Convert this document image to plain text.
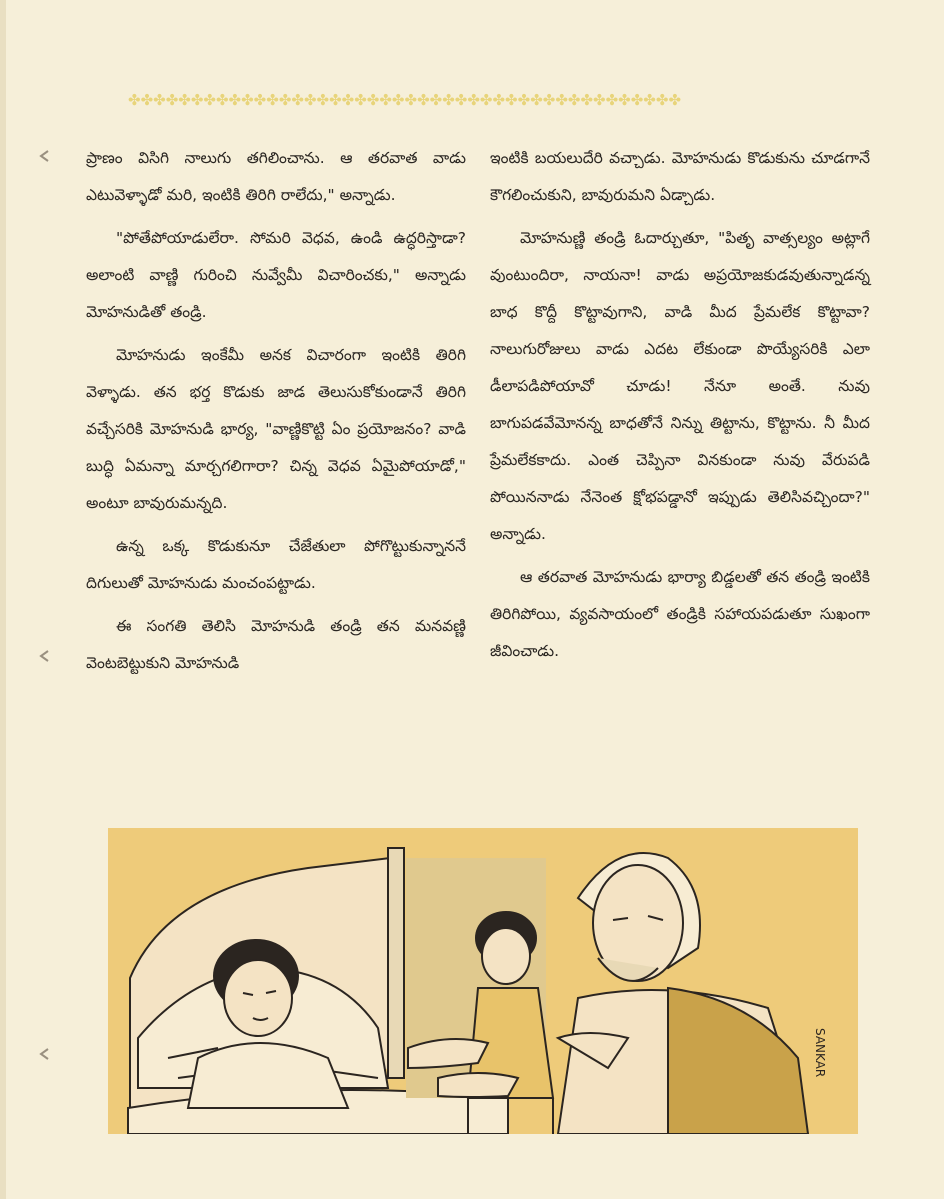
✤✤✤✤✤✤✤✤✤✤✤✤✤✤✤✤✤✤✤✤✤✤✤✤✤✤✤✤✤✤✤✤✤✤✤✤✤✤✤✤✤✤✤✤

ప్రాణం విసిగి నాలుగు తగిలించాను. ఆ తరవాత వాడు ఎటువెళ్ళాడో మరి, ఇంటికి తిరిగి రాలేదు," అన్నాడు.

"పోతేపోయాడులేరా. సోమరి వెధవ, ఉండి ఉద్ధరిస్తాడా? అలాంటి వాణ్ణి గురించి నువ్వేమీ విచారించకు," అన్నాడు మోహనుడితో తండ్రి.

మోహనుడు ఇంకేమీ అనక విచారంగా ఇంటికి తిరిగి వెళ్ళాడు. తన భర్త కొడుకు జాడ తెలుసుకోకుండానే తిరిగి వచ్చేసరికి మోహనుడి భార్య, "వాణ్ణికొట్టి ఏం ప్రయోజనం? వాడి బుద్ధి ఏమన్నా మార్చగలిగారా? చిన్న వెధవ ఏమైపోయాడో," అంటూ బావురుమన్నది.

ఉన్న ఒక్క కొడుకునూ చేజేతులా పోగొట్టుకున్నాననే దిగులుతో మోహనుడు మంచంపట్టాడు.

ఈ సంగతి తెలిసి మోహనుడి తండ్రి తన మనవణ్ణి వెంటబెట్టుకుని మోహనుడి

ఇంటికి బయలుదేరి వచ్చాడు. మోహనుడు కొడుకును చూడగానే కౌగలించుకుని, బావురుమని ఏడ్చాడు.

మోహనుణ్ణి తండ్రి ఓదార్చుతూ, "పితృ వాత్సల్యం అట్లాగే వుంటుందిరా, నాయనా! వాడు అప్రయోజకుడవుతున్నాడన్న బాధ కొద్దీ కొట్టావుగాని, వాడి మీద ప్రేమలేక కొట్టావా? నాలుగురోజులు వాడు ఎదట లేకుండా పొయ్యేసరికి ఎలా డీలాపడిపోయావో చూడు! నేనూ అంతే. నువు బాగుపడవేమోనన్న బాధతోనే నిన్ను తిట్టాను, కొట్టాను. నీ మీద ప్రేమలేకకాదు. ఎంత చెప్పినా వినకుండా నువు వేరుపడి పోయిననాడు నేనెంత క్షోభపడ్డానో ఇప్పుడు తెలిసివచ్చిందా?" అన్నాడు.

ఆ తరవాత మోహనుడు భార్యా బిడ్డలతో తన తండ్రి ఇంటికి తిరిగిపోయి, వ్యవసాయంలో తండ్రికి సహాయపడుతూ సుఖంగా జీవించాడు.

SANKAR
